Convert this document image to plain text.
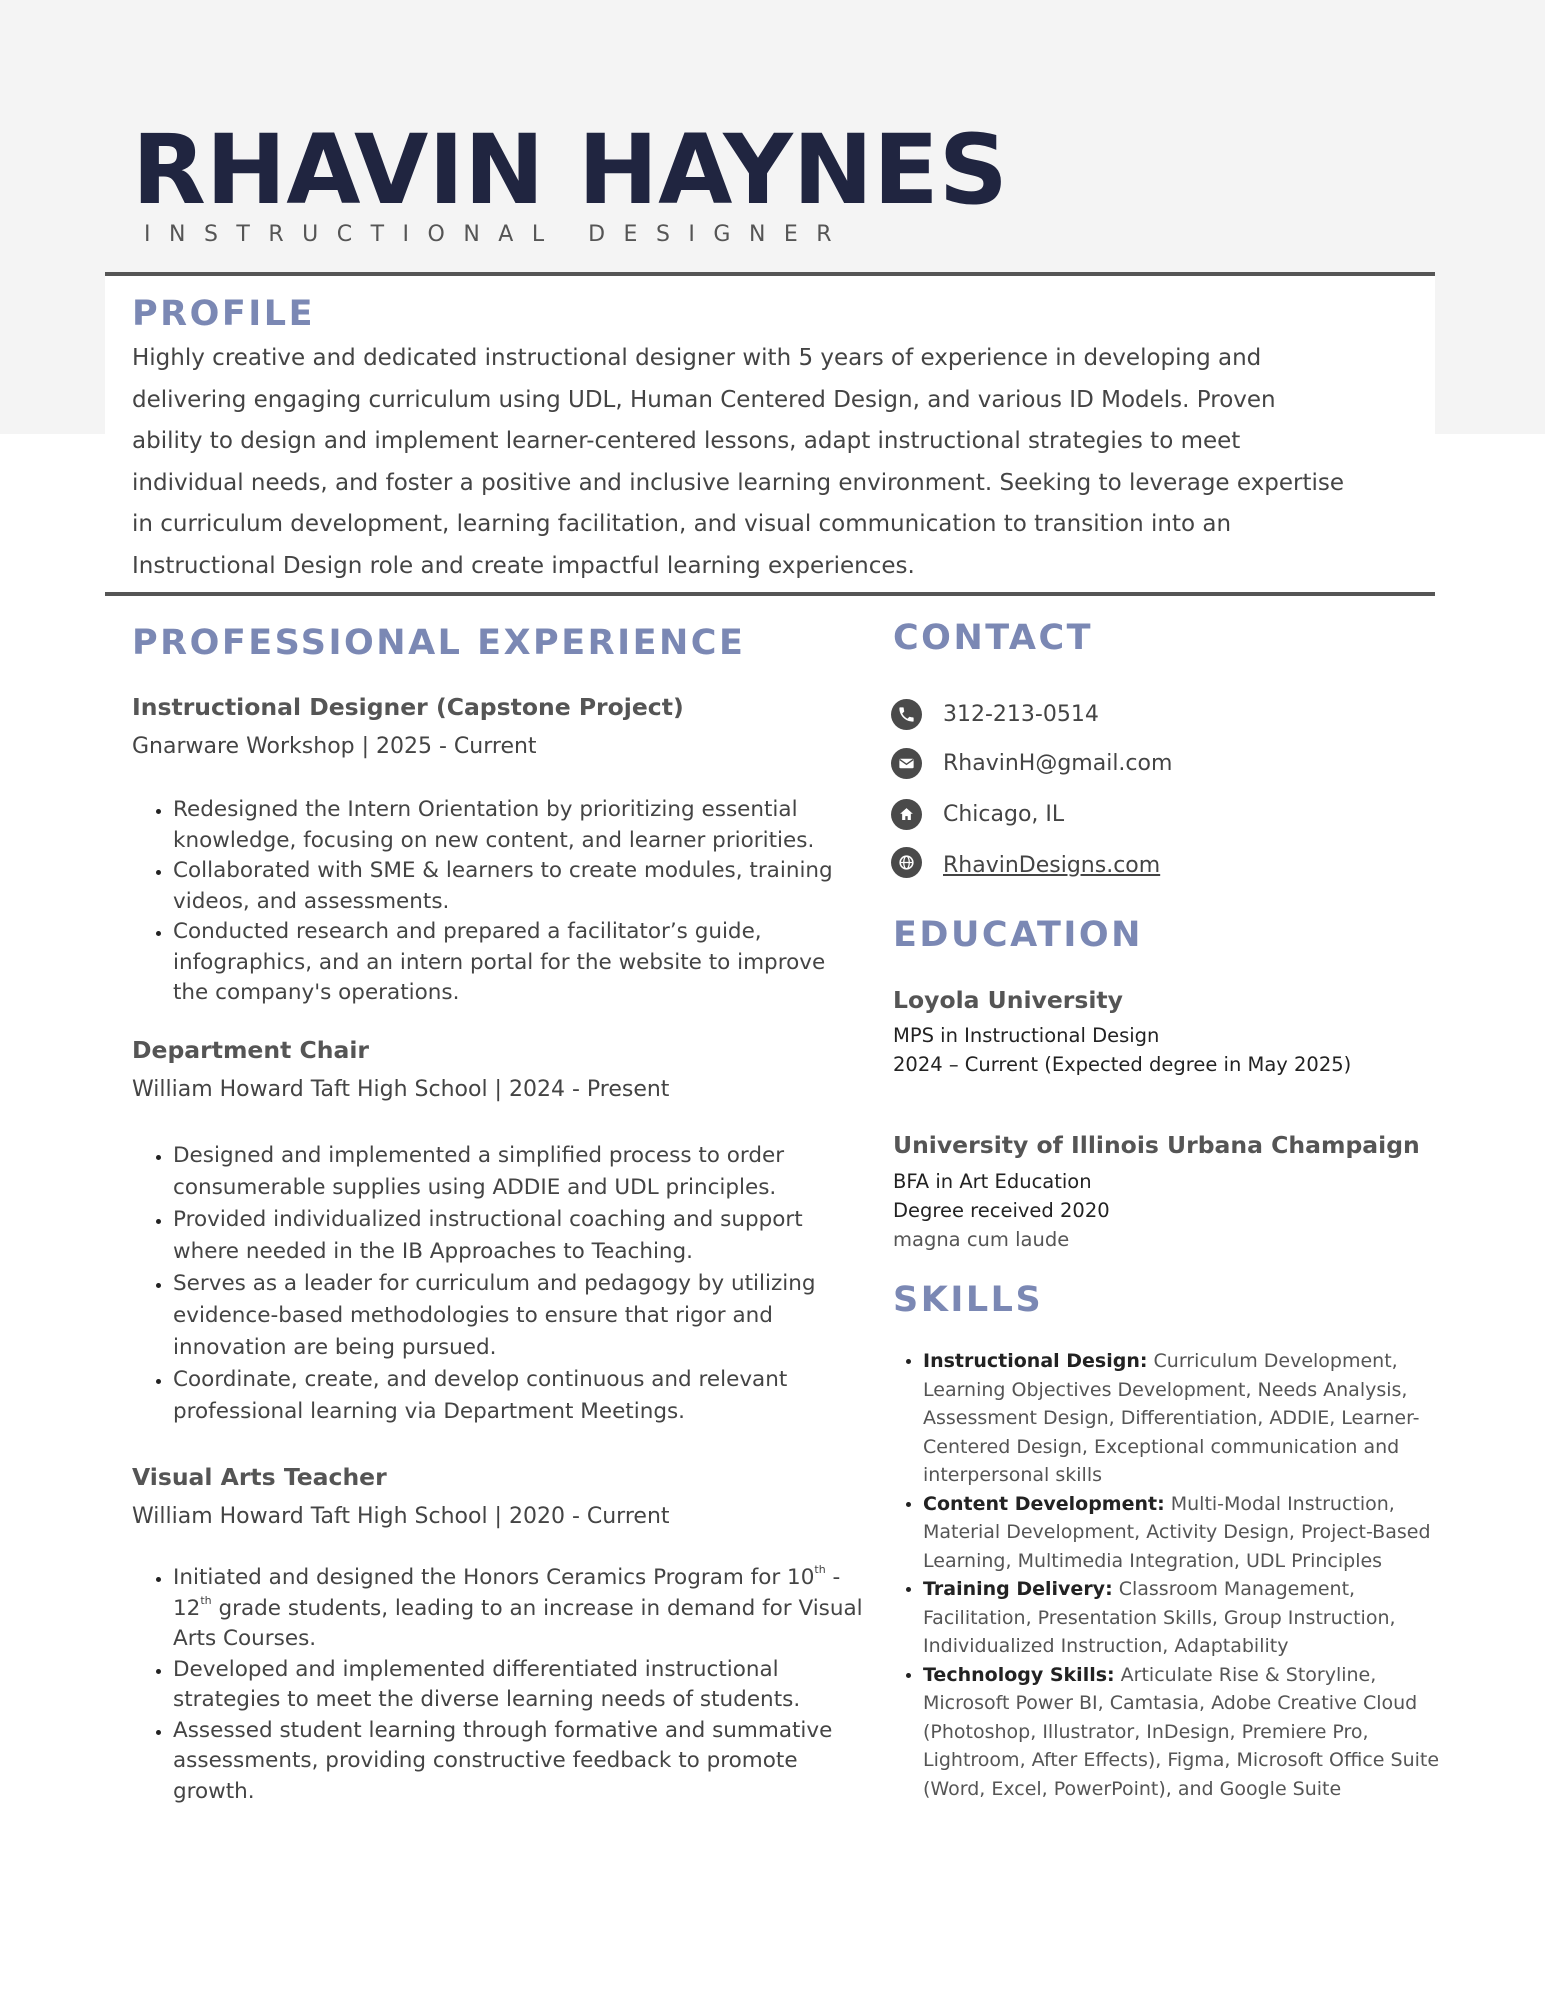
RHAVIN HAYNES
INSTRUCTIONAL DESIGNER
PROFILE

Highly creative and dedicated instructional designer with 5 years of experience in developing and
delivering engaging curriculum using UDL, Human Centered Design, and various ID Models. Proven
ability to design and implement learner-centered lessons, adapt instructional strategies to meet
individual needs, and foster a positive and inclusive learning environment. Seeking to leverage expertise
in curriculum development, learning facilitation, and visual communication to transition into an
Instructional Design role and create impactful learning experiences.

PROFESSIONAL EXPERIENCE
Instructional Designer (Capstone Project)
Gnarware Workshop | 2025 - Current
• Redesigned the Intern Orientation by prioritizing essential knowledge, focusing on new content, and learner priorities.
• Collaborated with SME & learners to create modules, training videos, and assessments.
• Conducted research and prepared a facilitator’s guide, infographics, and an intern portal for the website to improve the company's operations.
Department Chair
William Howard Taft High School | 2024 - Present
• Designed and implemented a simplified process to order consumerable supplies using ADDIE and UDL principles.
• Provided individualized instructional coaching and support where needed in the IB Approaches to Teaching.
• Serves as a leader for curriculum and pedagogy by utilizing evidence-based methodologies to ensure that rigor and innovation are being pursued.
• Coordinate, create, and develop continuous and relevant professional learning via Department Meetings.
Visual Arts Teacher
William Howard Taft High School | 2020 - Current
• Initiated and designed the Honors Ceramics Program for 10th - 12th grade students, leading to an increase in demand for Visual Arts Courses.
• Developed and implemented differentiated instructional strategies to meet the diverse learning needs of students.
• Assessed student learning through formative and summative assessments, providing constructive feedback to promote growth.
CONTACT
312-213-0514
RhavinH@gmail.com
Chicago, IL
RhavinDesigns.com
EDUCATION
Loyola University
MPS in Instructional Design
2024 – Current (Expected degree in May 2025)
University of Illinois Urbana Champaign
BFA in Art Education
Degree received 2020
magna cum laude
SKILLS
• Instructional Design: Curriculum Development, Learning Objectives Development, Needs Analysis, Assessment Design, Differentiation, ADDIE, Learner-Centered Design, Exceptional communication and interpersonal skills
• Content Development: Multi-Modal Instruction, Material Development, Activity Design, Project-Based Learning, Multimedia Integration, UDL Principles
• Training Delivery: Classroom Management, Facilitation, Presentation Skills, Group Instruction, Individualized Instruction, Adaptability
• Technology Skills: Articulate Rise & Storyline, Microsoft Power BI, Camtasia, Adobe Creative Cloud (Photoshop, Illustrator, InDesign, Premiere Pro, Lightroom, After Effects), Figma, Microsoft Office Suite (Word, Excel, PowerPoint), and Google Suite
